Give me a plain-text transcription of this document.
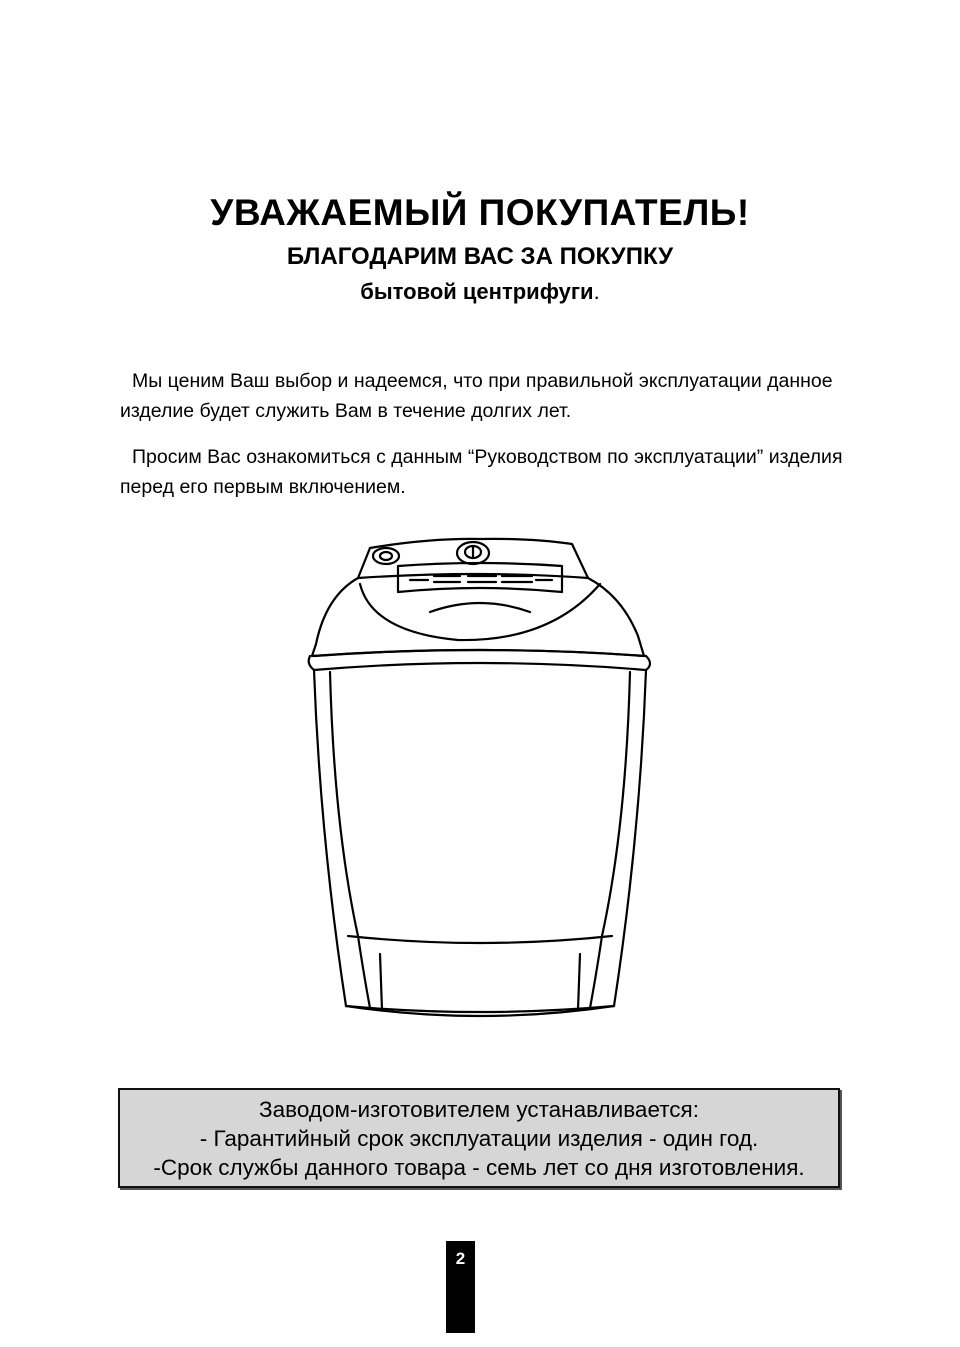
УВАЖАЕМЫЙ ПОКУПАТЕЛЬ!
БЛАГОДАРИМ ВАС ЗА ПОКУПКУ
бытовой центрифуги.

Мы ценим Ваш выбор и надеемся, что при правильной эксплуатации данное изделие будет служить Вам в течение долгих лет.

Просим Вас ознакомиться с данным “Руководством по эксплуатации” изделия перед его первым включением.

Заводом-изготовителем устанавливается:
- Гарантийный срок эксплуатации изделия - один год.
-Срок службы данного товара - семь лет со дня изготовления.
2
